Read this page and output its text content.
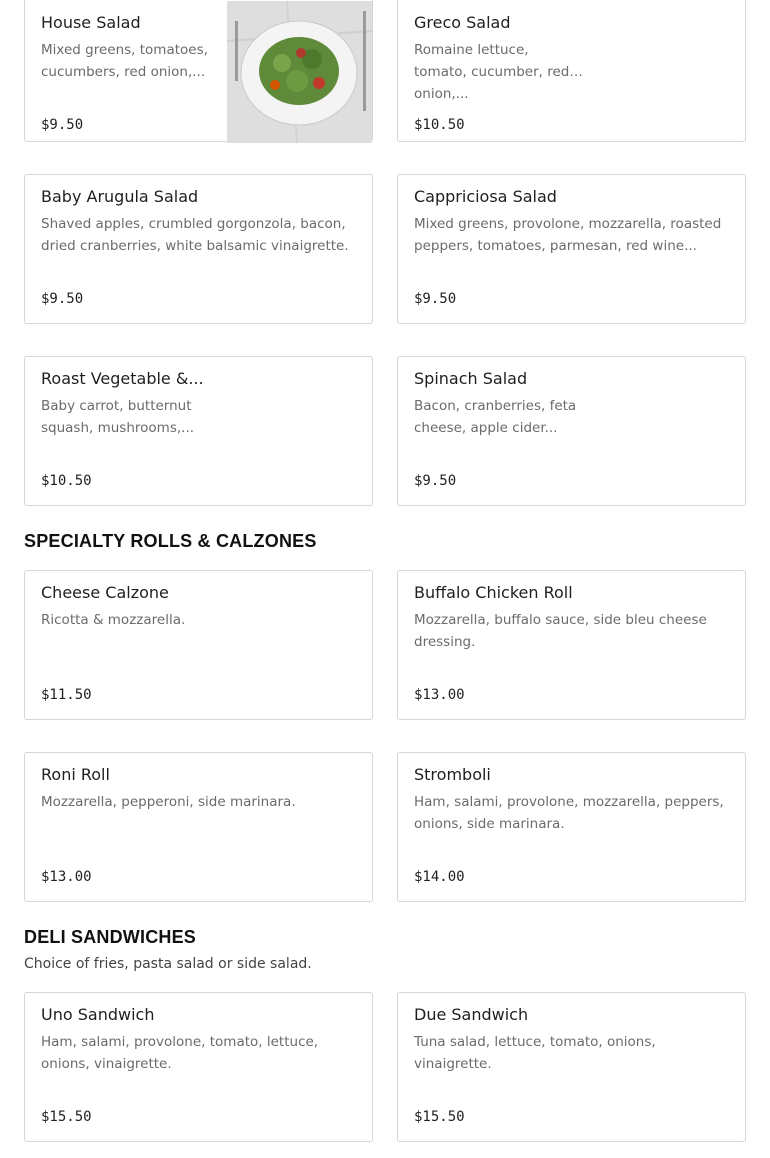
House Salad
Mixed greens, tomatoes, cucumbers, red onion,...
$9.50
Greco Salad
Romaine lettuce, tomato, cucumber, red onion,...
$10.50
Baby Arugula Salad
Shaved apples, crumbled gorgonzola, bacon, dried cranberries, white balsamic vinaigrette.
$9.50
Cappriciosa Salad
Mixed greens, provolone, mozzarella, roasted peppers, tomatoes, parmesan, red wine...
$9.50
Roast Vegetable &...
Baby carrot, butternut squash, mushrooms,...
$10.50
Spinach Salad
Bacon, cranberries, feta cheese, apple cider...
$9.50
SPECIALTY ROLLS & CALZONES
Cheese Calzone
Ricotta & mozzarella.
$11.50
Buffalo Chicken Roll
Mozzarella, buffalo sauce, side bleu cheese dressing.
$13.00
Roni Roll
Mozzarella, pepperoni, side marinara.
$13.00
Stromboli
Ham, salami, provolone, mozzarella, peppers, onions, side marinara.
$14.00
DELI SANDWICHES
Choice of fries, pasta salad or side salad.
Uno Sandwich
Ham, salami, provolone, tomato, lettuce, onions, vinaigrette.
$15.50
Due Sandwich
Tuna salad, lettuce, tomato, onions, vinaigrette.
$15.50
